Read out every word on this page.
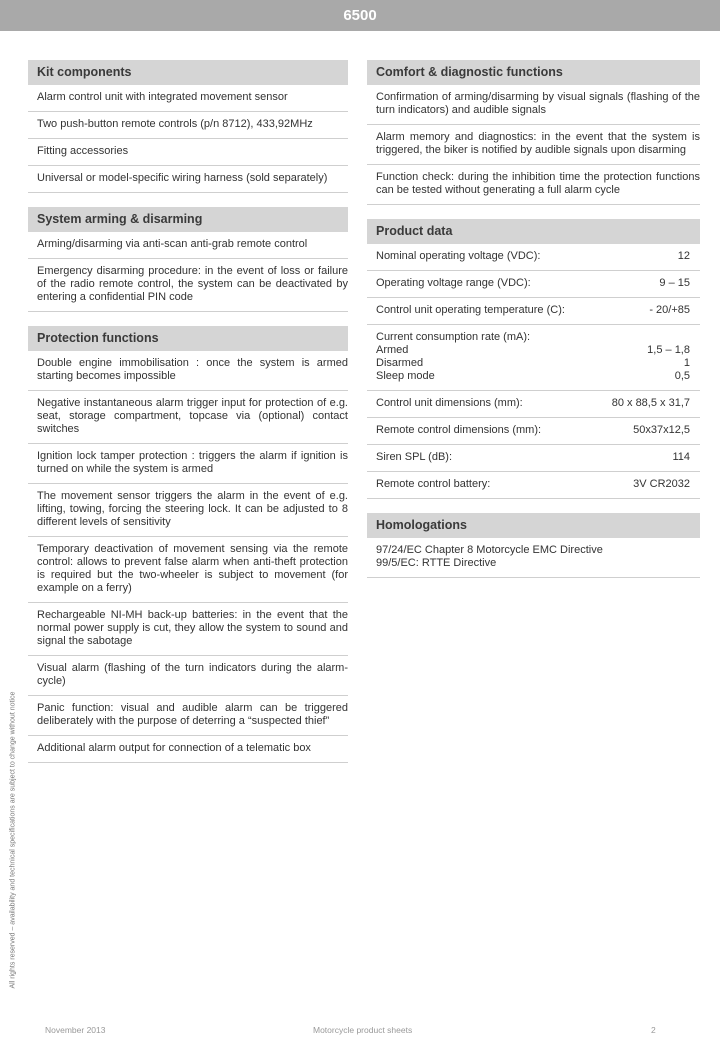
6500
Kit components
Alarm control unit with integrated movement sensor
Two push-button remote controls (p/n 8712), 433,92MHz
Fitting accessories
Universal or model-specific wiring harness (sold separately)
System arming & disarming
Arming/disarming via anti-scan anti-grab remote control
Emergency disarming procedure: in the event of loss or failure of the radio remote control, the system can be deactivated by entering a confidential PIN code
Protection functions
Double engine immobilisation : once the system is armed starting becomes impossible
Negative instantaneous alarm trigger input for protection of e.g. seat, storage compartment, topcase via (optional) contact switches
Ignition lock tamper protection : triggers the alarm if ignition is turned on while the system is armed
The movement sensor triggers the alarm in the event of e.g. lifting, towing, forcing the steering lock. It can be adjusted to 8 different levels of sensitivity
Temporary deactivation of movement sensing via the remote control: allows to prevent false alarm when anti-theft protection is required but the two-wheeler is subject to movement (for example on a ferry)
Rechargeable NI-MH back-up batteries: in the event that the normal power supply is cut, they allow the system to sound and signal the sabotage
Visual alarm (flashing of the turn indicators during the alarm-cycle)
Panic function: visual and audible alarm can be triggered deliberately with the purpose of deterring a “suspected thief”
Additional alarm output for connection of a telematic box
Comfort & diagnostic functions
Confirmation of arming/disarming by visual signals (flashing of the turn indicators) and audible signals
Alarm memory and diagnostics: in the event that the system is triggered, the biker is notified by audible signals upon disarming
Function check: during the inhibition time the protection functions can be tested without generating a full alarm cycle
Product data
Nominal operating voltage (VDC):	12
Operating voltage range (VDC):	9 – 15
Control unit operating temperature (C):	- 20/+85
Current consumption rate (mA):
Armed	1,5 – 1,8
Disarmed	1
Sleep mode	0,5
Control unit dimensions (mm):	80 x 88,5 x 31,7
Remote control dimensions (mm):	50x37x12,5
Siren SPL (dB):	114
Remote control battery:	3V CR2032
Homologations
97/24/EC Chapter 8 Motorcycle EMC Directive
99/5/EC: RTTE Directive
All rights reserved – availability and technical specifications are subject to change without notice
November 2013	Motorcycle product sheets	2
